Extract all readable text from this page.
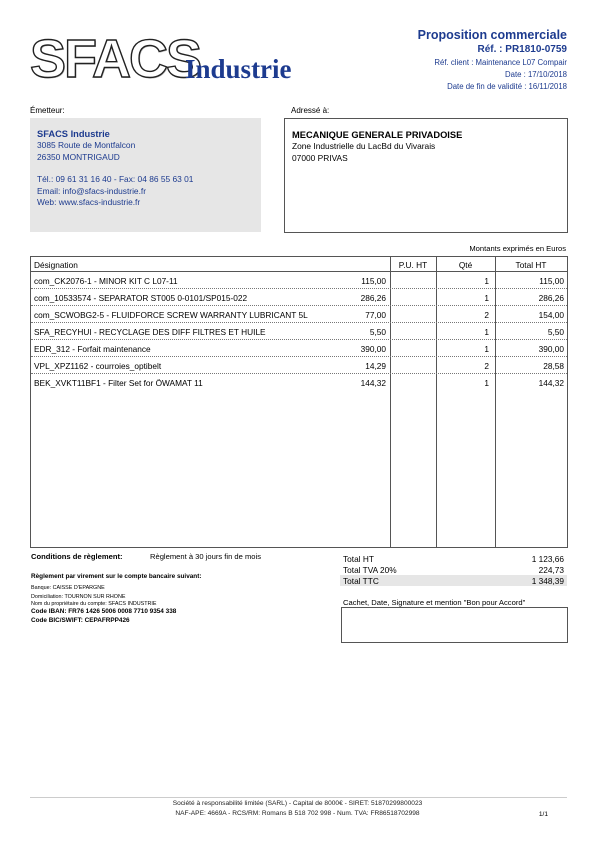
SFACS
Industrie
Proposition commerciale
Réf. : PR1810-0759
Réf. client : Maintenance L07 Compair
Date : 17/10/2018
Date de fin de validité : 16/11/2018
Émetteur:
SFACS Industrie
3085 Route de Montfalcon
26350 MONTRIGAUD
Tél.: 09 61 31 16 40 - Fax: 04 86 55 63 01
Email: info@sfacs-industrie.fr
Web: www.sfacs-industrie.fr
Adressé à:
MECANIQUE GENERALE PRIVADOISE
Zone Industrielle du LacBd du Vivarais
07000 PRIVAS
Montants exprimés en Euros
Désignation	P.U. HT	Qté	Total HT
com_CK2076-1 - MINOR KIT C L07-11	115,00	1	115,00
com_10533574 - SEPARATOR ST005 0-0101/SP015-022	286,26	1	286,26
com_SCWOBG2-5 - FLUIDFORCE SCREW WARRANTY LUBRICANT 5L	77,00	2	154,00
SFA_RECYHUI - RECYCLAGE DES DIFF FILTRES ET HUILE	5,50	1	5,50
EDR_312 - Forfait maintenance	390,00	1	390,00
VPL_XPZ1162 - courroies_optibelt	14,29	2	28,58
BEK_XVKT11BF1 - Filter Set for ÖWAMAT 11	144,32	1	144,32
Conditions de règlement:	Règlement à 30 jours fin de mois
Règlement par virement sur le compte bancaire suivant:
Banque: CAISSE D'EPARGNE
Domiciliation: TOURNON SUR RHONE
Nom du propriétaire du compte: SFACS INDUSTRIE
Code IBAN: FR76 1426 5006 0008 7710 9354 338
Code BIC/SWIFT: CEPAFRPP426
Total HT	1 123,66
Total TVA 20%	224,73
Total TTC	1 348,39
Cachet, Date, Signature et mention "Bon pour Accord"
Société à responsabilité limitée (SARL) - Capital de 8000€ - SIRET: 51870299800023
NAF-APE: 4669A - RCS/RM: Romans B 518 702 998 - Num. TVA: FR86518702998	1/1
